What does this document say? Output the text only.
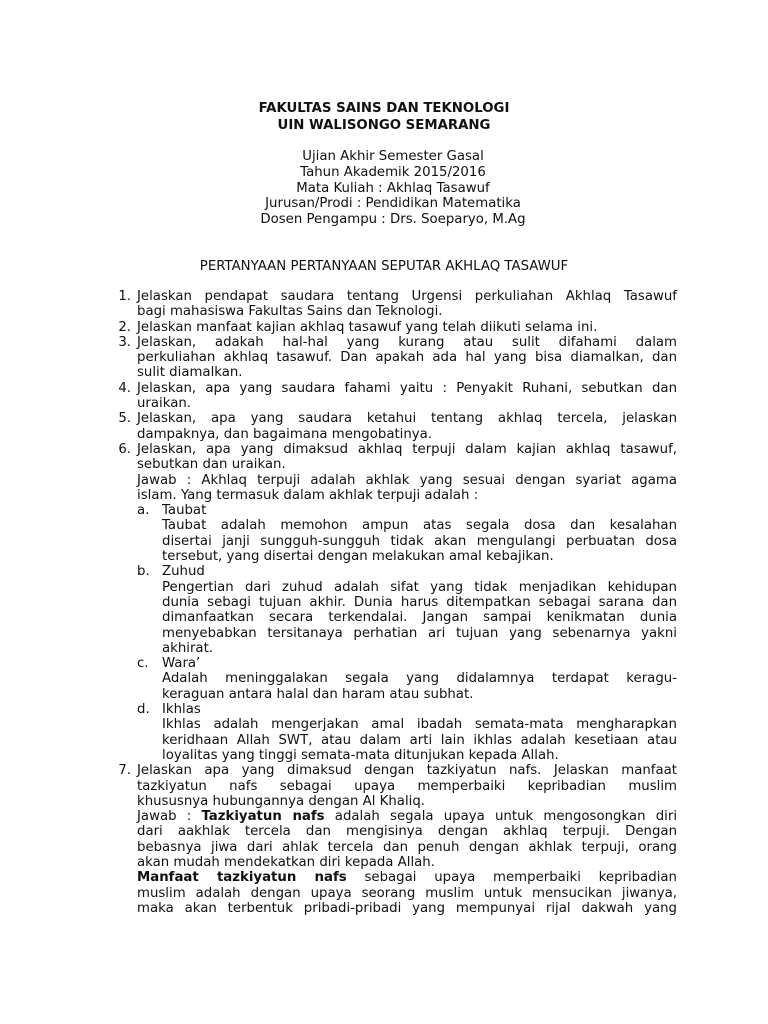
FAKULTAS SAINS DAN TEKNOLOGI
UIN WALISONGO SEMARANG
Ujian Akhir Semester Gasal
Tahun Akademik 2015/2016
Mata Kuliah : Akhlaq Tasawuf
Jurusan/Prodi : Pendidikan Matematika
Dosen Pengampu : Drs. Soeparyo, M.Ag
PERTANYAAN PERTANYAAN SEPUTAR AKHLAQ TASAWUF
1. Jelaskan pendapat saudara tentang Urgensi perkuliahan Akhlaq Tasawuf
bagi mahasiswa Fakultas Sains dan Teknologi.
2. Jelaskan manfaat kajian akhlaq tasawuf yang telah diikuti selama ini.
3. Jelaskan, adakah hal-hal yang kurang atau sulit difahami dalam
perkuliahan akhlaq tasawuf. Dan apakah ada hal yang bisa diamalkan, dan
sulit diamalkan.
4. Jelaskan, apa yang saudara fahami yaitu : Penyakit Ruhani, sebutkan dan
uraikan.
5. Jelaskan, apa yang saudara ketahui tentang akhlaq tercela, jelaskan
dampaknya, dan bagaimana mengobatinya.
6. Jelaskan, apa yang dimaksud akhlaq terpuji dalam kajian akhlaq tasawuf,
sebutkan dan uraikan.
Jawab : Akhlaq terpuji adalah akhlak yang sesuai dengan syariat agama
islam. Yang termasuk dalam akhlak terpuji adalah :
a. Taubat
Taubat adalah memohon ampun atas segala dosa dan kesalahan
disertai janji sungguh-sungguh tidak akan mengulangi perbuatan dosa
tersebut, yang disertai dengan melakukan amal kebajikan.
b. Zuhud
Pengertian dari zuhud adalah sifat yang tidak menjadikan kehidupan
dunia sebagi tujuan akhir. Dunia harus ditempatkan sebagai sarana dan
dimanfaatkan secara terkendalai. Jangan sampai kenikmatan dunia
menyebabkan tersitanaya perhatian ari tujuan yang sebenarnya yakni
akhirat.
c. Wara’
Adalah meninggalakan segala yang didalamnya terdapat keragu-
keraguan antara halal dan haram atau subhat.
d. Ikhlas
Ikhlas adalah mengerjakan amal ibadah semata-mata mengharapkan
keridhaan Allah SWT, atau dalam arti lain ikhlas adalah kesetiaan atau
loyalitas yang tinggi semata-mata ditunjukan kepada Allah.
7. Jelaskan apa yang dimaksud dengan tazkiyatun nafs. Jelaskan manfaat
tazkiyatun nafs sebagai upaya memperbaiki kepribadian muslim
khususnya hubungannya dengan Al Khaliq.
Jawab : Tazkiyatun nafs adalah segala upaya untuk mengosongkan diri
dari aakhlak tercela dan mengisinya dengan akhlaq terpuji. Dengan
bebasnya jiwa dari ahlak tercela dan penuh dengan akhlak terpuji, orang
akan mudah mendekatkan diri kepada Allah.
Manfaat tazkiyatun nafs sebagai upaya memperbaiki kepribadian
muslim adalah dengan upaya seorang muslim untuk mensucikan jiwanya,
maka akan terbentuk pribadi-pribadi yang mempunyai rijal dakwah yang
